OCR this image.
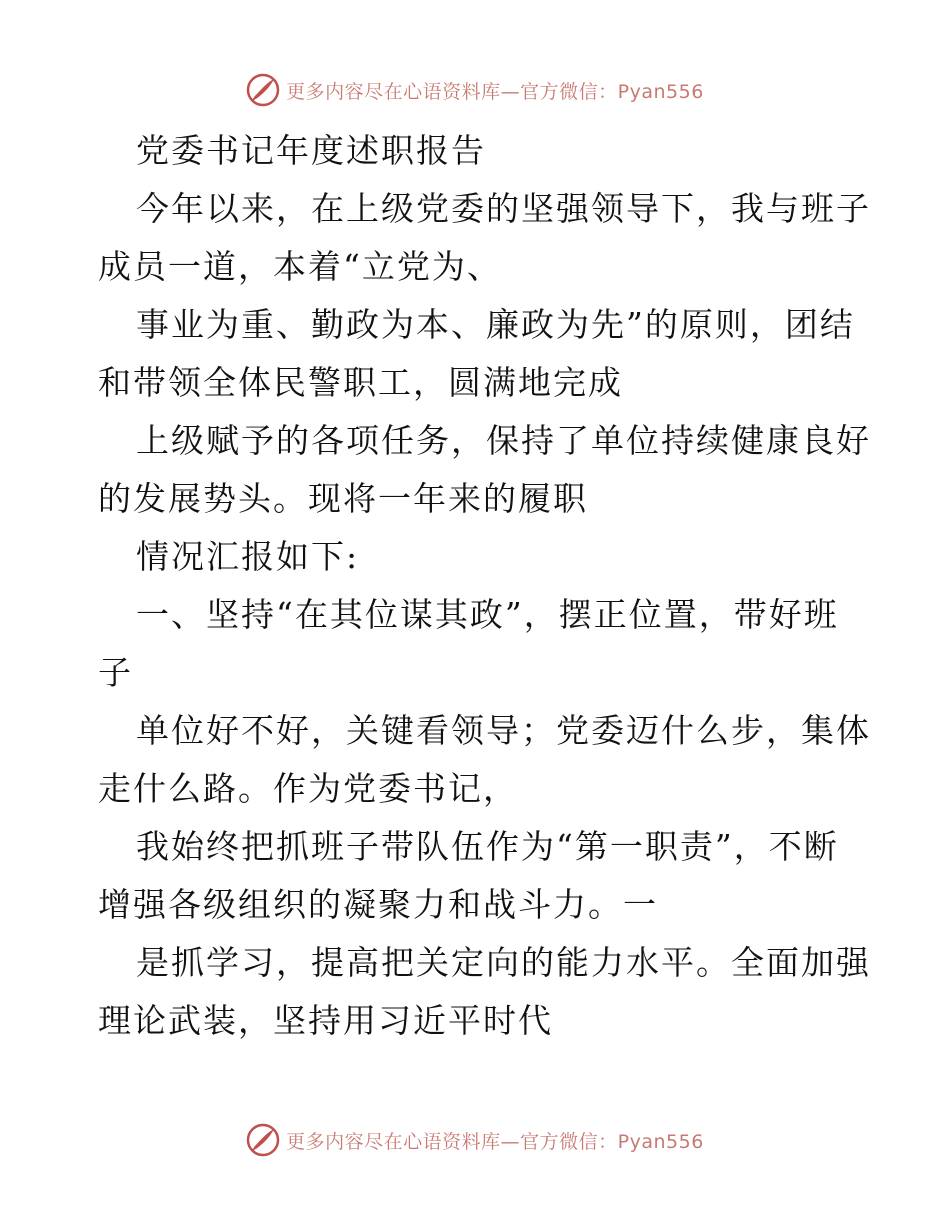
更多内容尽在心语资料库—官方微信：Pyan556
党委书记年度述职报告
今年以来，在上级党委的坚强领导下，我与班子
成员一道，本着“立党为、
事业为重、勤政为本、廉政为先”的原则，团结
和带领全体民警职工，圆满地完成
上级赋予的各项任务，保持了单位持续健康良好
的发展势头。现将一年来的履职
情况汇报如下:
一、坚持“在其位谋其政”，摆正位置，带好班
子
单位好不好，关键看领导；党委迈什么步，集体
走什么路。作为党委书记，
我始终把抓班子带队伍作为“第一职责”，不断
增强各级组织的凝聚力和战斗力。一
是抓学习，提高把关定向的能力水平。全面加强
理论武装，坚持用习近平时代
更多内容尽在心语资料库—官方微信：Pyan556
